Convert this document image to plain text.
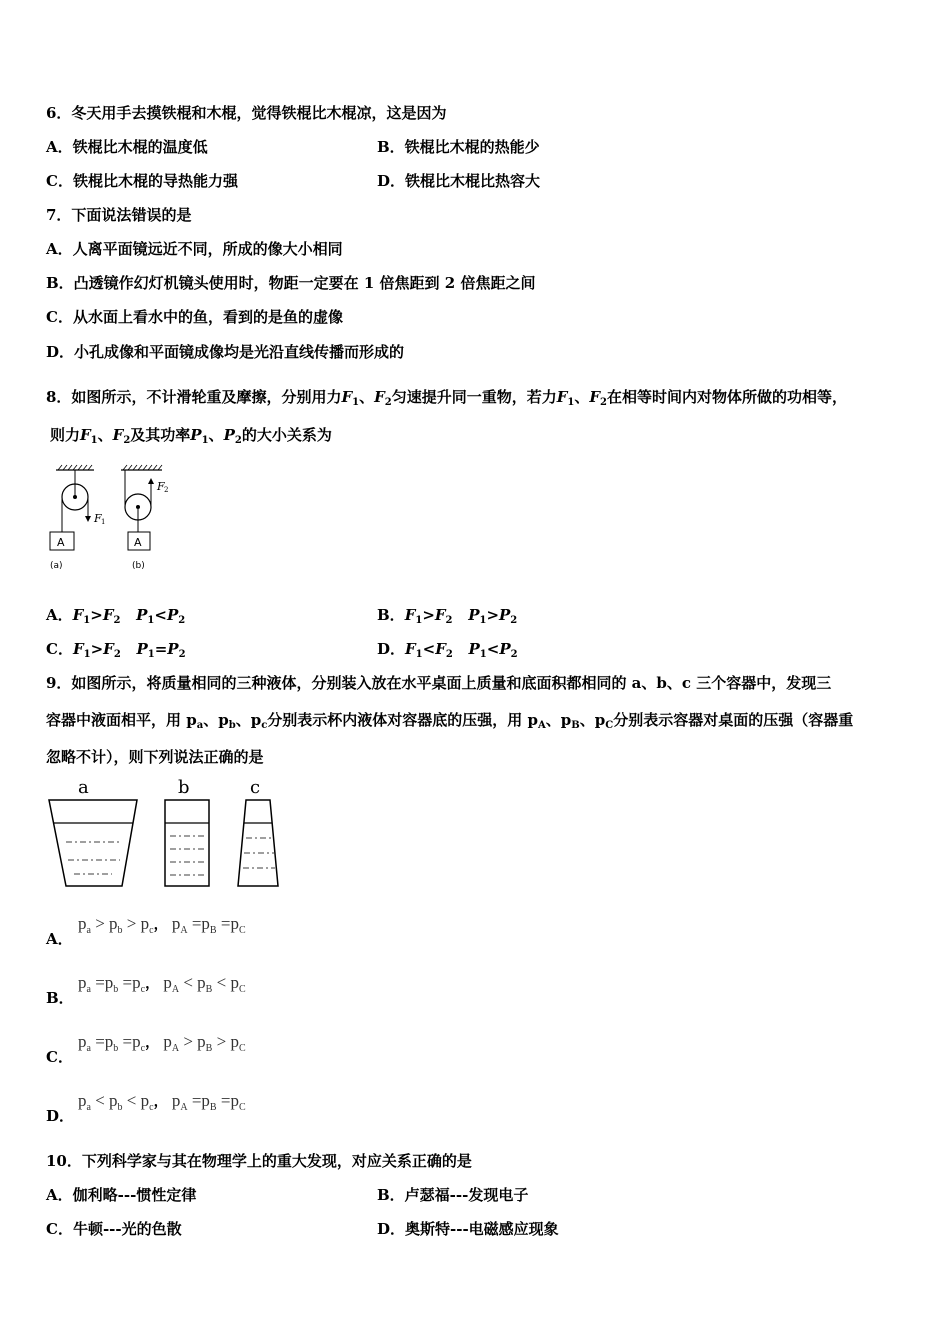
6．冬天用手去摸铁棍和木棍，觉得铁棍比木棍凉，这是因为
A．铁棍比木棍的温度低	B．铁棍比木棍的热能少
C．铁棍比木棍的导热能力强	D．铁棍比木棍比热容大
7．下面说法错误的是
A．人离平面镜远近不同，所成的像大小相同
B．凸透镜作幻灯机镜头使用时，物距一定要在 1 倍焦距到 2 倍焦距之间
C．从水面上看水中的鱼，看到的是鱼的虚像
D．小孔成像和平面镜成像均是光沿直线传播而形成的
8．如图所示，不计滑轮重及摩擦，分别用力$F_1$、$F_2$匀速提升同一重物，若力$F_1$、$F_2$在相等时间内对物体所做的功相等，
则力$F_1$、$F_2$及其功率$P_1$、$P_2$的大小关系为
F 1
A
(a)
F 2
A
(b)
A．$F_1>F_2$ $P_1<P_2$	B．$F_1>F_2$ $P_1>P_2$
C．$F_1>F_2$ $P_1=P_2$	D．$F_1<F_2$ $P_1<P_2$
9．如图所示，将质量相同的三种液体，分别装入放在水平桌面上质量和底面积都相同的 a、b、c 三个容器中，发现三
容器中液面相平，用 $p_a$、$p_b$、$p_c$分别表示杯内液体对容器底的压强，用 $p_A$、$p_B$、$p_C$分别表示容器对桌面的压强（容器重
忽略不计），则下列说法正确的是
a	b	c
A．
$p_a > p_b > p_c$， $p_A =p_B =p_C$
B．
$p_a =p_b =p_c$， $p_A < p_B < p_C$
C．
$p_a =p_b =p_c$， $p_A > p_B > p_C$
D．
$p_a < p_b < p_c$， $p_A =p_B =p_C$
10．下列科学家与其在物理学上的重大发现，对应关系正确的是
A．伽利略---惯性定律	B．卢瑟福---发现电子
C．牛顿---光的色散	D．奥斯特---电磁感应现象
